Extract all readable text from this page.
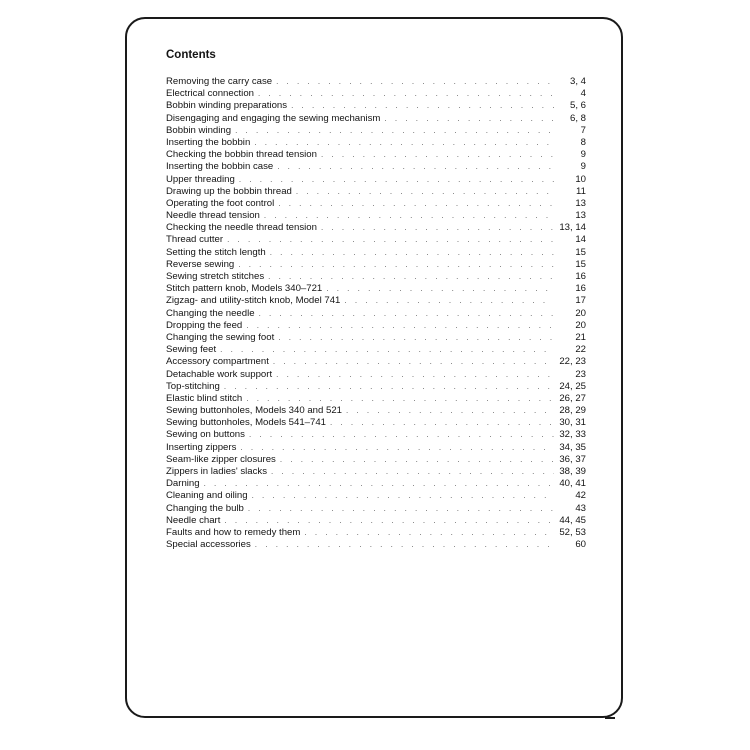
Contents
Removing the carry case . . .	3, 4
Electrical connection . . .	4
Bobbin winding preparations . . .	5, 6
Disengaging and engaging the sewing mechanism . . .	6, 8
Bobbin winding . . .	7
Inserting the bobbin . . .	8
Checking the bobbin thread tension . . .	9
Inserting the bobbin case . . .	9
Upper threading . . .	10
Drawing up the bobbin thread . . .	11
Operating the foot control . . .	13
Needle thread tension . . .	13
Checking the needle thread tension . . .	13, 14
Thread cutter . . .	14
Setting the stitch length . . .	15
Reverse sewing . . .	15
Sewing stretch stitches . . .	16
Stitch pattern knob, Models 340–721 . . .	16
Zigzag- and utility-stitch knob, Model 741 . . .	17
Changing the needle . . .	20
Dropping the feed . . .	20
Changing the sewing foot . . .	21
Sewing feet . . .	22
Accessory compartment . . .	22, 23
Detachable work support . . .	23
Top-stitching . . .	24, 25
Elastic blind stitch . . .	26, 27
Sewing buttonholes, Models 340 and 521 . . .	28, 29
Sewing buttonholes, Models 541–741 . . .	30, 31
Sewing on buttons . . .	32, 33
Inserting zippers . . .	34, 35
Seam-like zipper closures . . .	36, 37
Zippers in ladies' slacks . . .	38, 39
Darning . . .	40, 41
Cleaning and oiling . . .	42
Changing the bulb . . .	43
Needle chart . . .	44, 45
Faults and how to remedy them . . .	52, 53
Special accessories . . .	60
